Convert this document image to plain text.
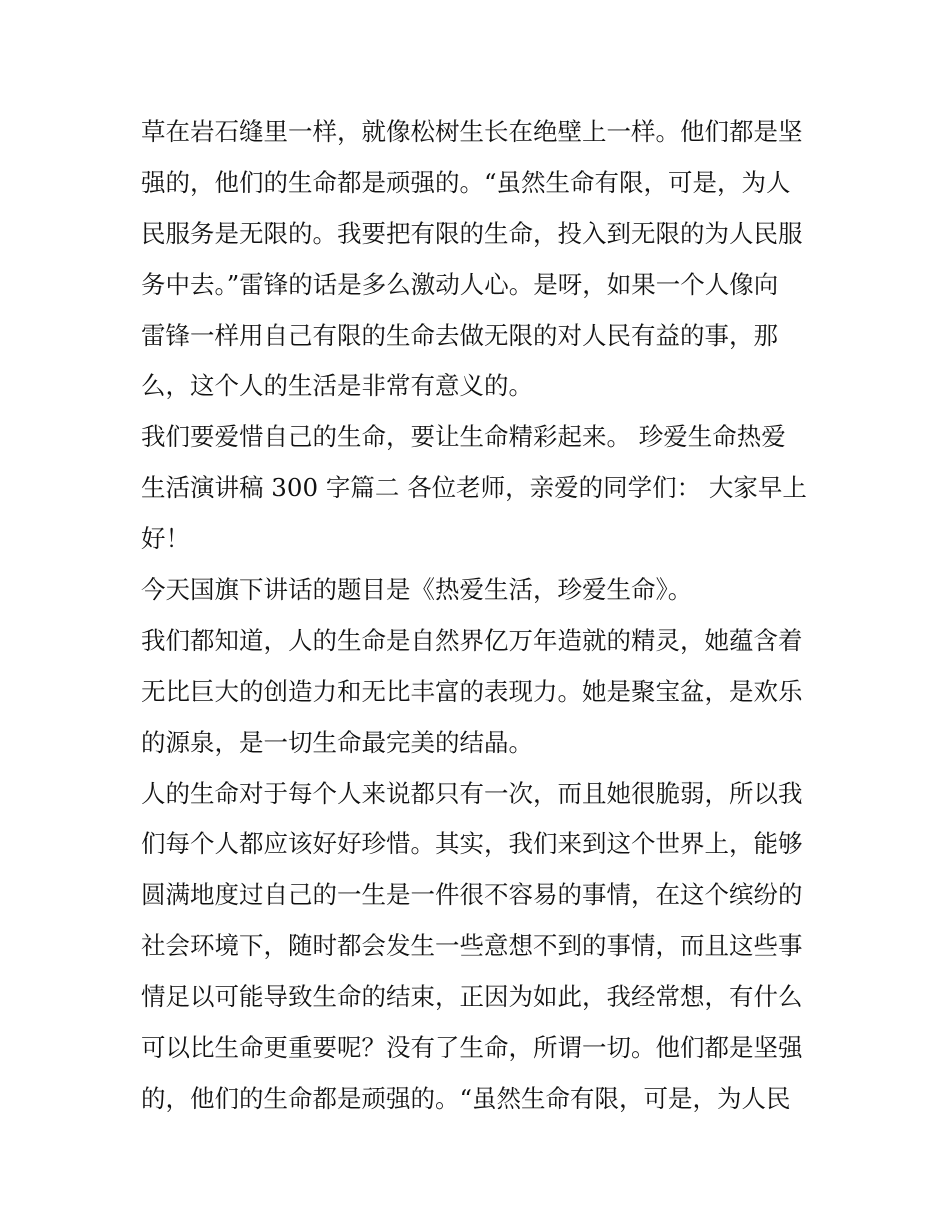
草在岩石缝里一样，就像松树生长在绝壁上一样。他们都是坚
强的，他们的生命都是顽强的。“虽然生命有限，可是，为人
民服务是无限的。我要把有限的生命，投入到无限的为人民服
务中去。”雷锋的话是多么激动人心。是呀，如果一个人像向
雷锋一样用自己有限的生命去做无限的对人民有益的事，那
么，这个人的生活是非常有意义的。
我们要爱惜自己的生命，要让生命精彩起来。 珍爱生命热爱
生活演讲稿 300 字篇二 各位老师，亲爱的同学们： 大家早上
好！
今天国旗下讲话的题目是《热爱生活，珍爱生命》。
我们都知道，人的生命是自然界亿万年造就的精灵，她蕴含着
无比巨大的创造力和无比丰富的表现力。她是聚宝盆，是欢乐
的源泉，是一切生命最完美的结晶。
人的生命对于每个人来说都只有一次，而且她很脆弱，所以我
们每个人都应该好好珍惜。其实，我们来到这个世界上，能够
圆满地度过自己的一生是一件很不容易的事情，在这个缤纷的
社会环境下，随时都会发生一些意想不到的事情，而且这些事
情足以可能导致生命的结束，正因为如此，我经常想，有什么
可以比生命更重要呢？没有了生命，所谓一切。他们都是坚强
的，他们的生命都是顽强的。“虽然生命有限，可是，为人民
